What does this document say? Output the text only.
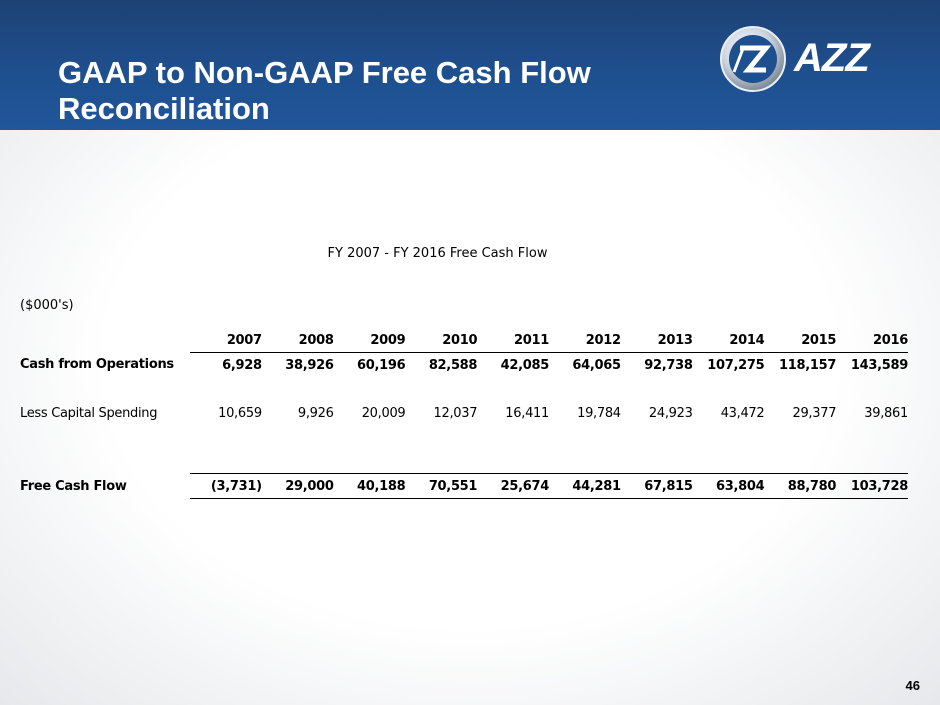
GAAP to Non-GAAP Free Cash Flow
Reconciliation
AZZ
FY 2007 - FY 2016 Free Cash Flow
($000's)
	2007	2008	2009	2010	2011	2012	2013	2014	2015	2016
Cash from Operations	6,928	38,926	60,196	82,588	42,085	64,065	92,738	107,275	118,157	143,589

Less Capital Spending	10,659	9,926	20,009	12,037	16,411	19,784	24,923	43,472	29,377	39,861

Free Cash Flow	(3,731)	29,000	40,188	70,551	25,674	44,281	67,815	63,804	88,780	103,728
46
